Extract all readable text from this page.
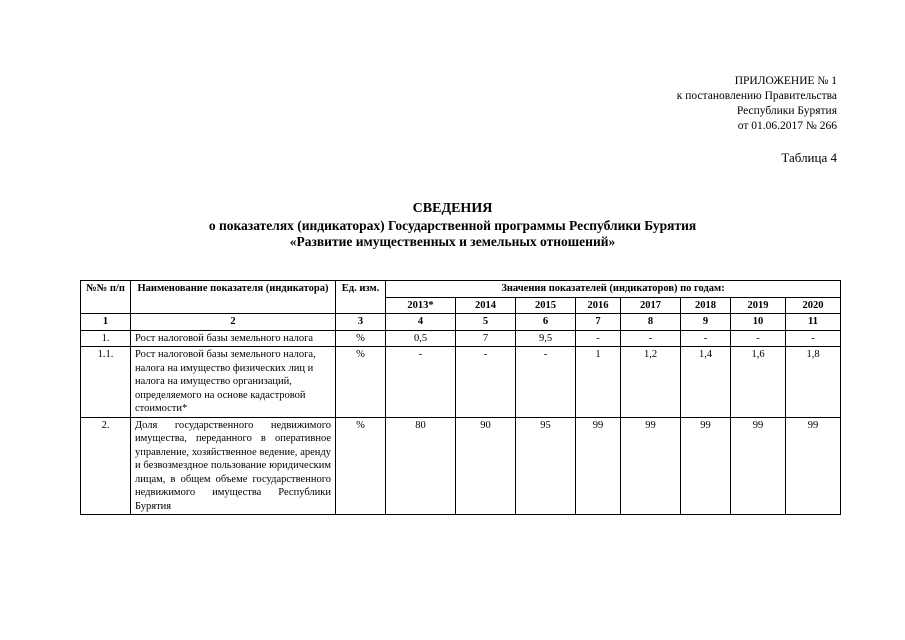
ПРИЛОЖЕНИЕ № 1
к постановлению Правительства
Республики Бурятия
от 01.06.2017 № 266
Таблица 4
СВЕДЕНИЯ
о показателях (индикаторах) Государственной программы Республики Бурятия
«Развитие имущественных и земельных отношений»
№№ п/п	Наименование показателя (индикатора)	Ед. изм.	Значения показателей (индикаторов) по годам:							
			2013*	2014	2015	2016	2017	2018	2019	2020
1	2	3	4	5	6	7	8	9	10	11
1.	Рост налоговой базы земельного налога	%	0,5	7	9,5	-	-	-	-	-
1.1.	Рост налоговой базы земельного налога, налога на имущество физических лиц и налога на имущество организаций, определяемого на основе кадастровой стоимости*	%	-	-	-	1	1,2	1,4	1,6	1,8
2.	Доля государственного недвижимого имущества, переданного в оперативное управление, хозяйственное ведение, аренду и безвозмездное пользование юридическим лицам, в общем объеме государственного недвижимого имущества Республики Бурятия	%	80	90	95	99	99	99	99	99
